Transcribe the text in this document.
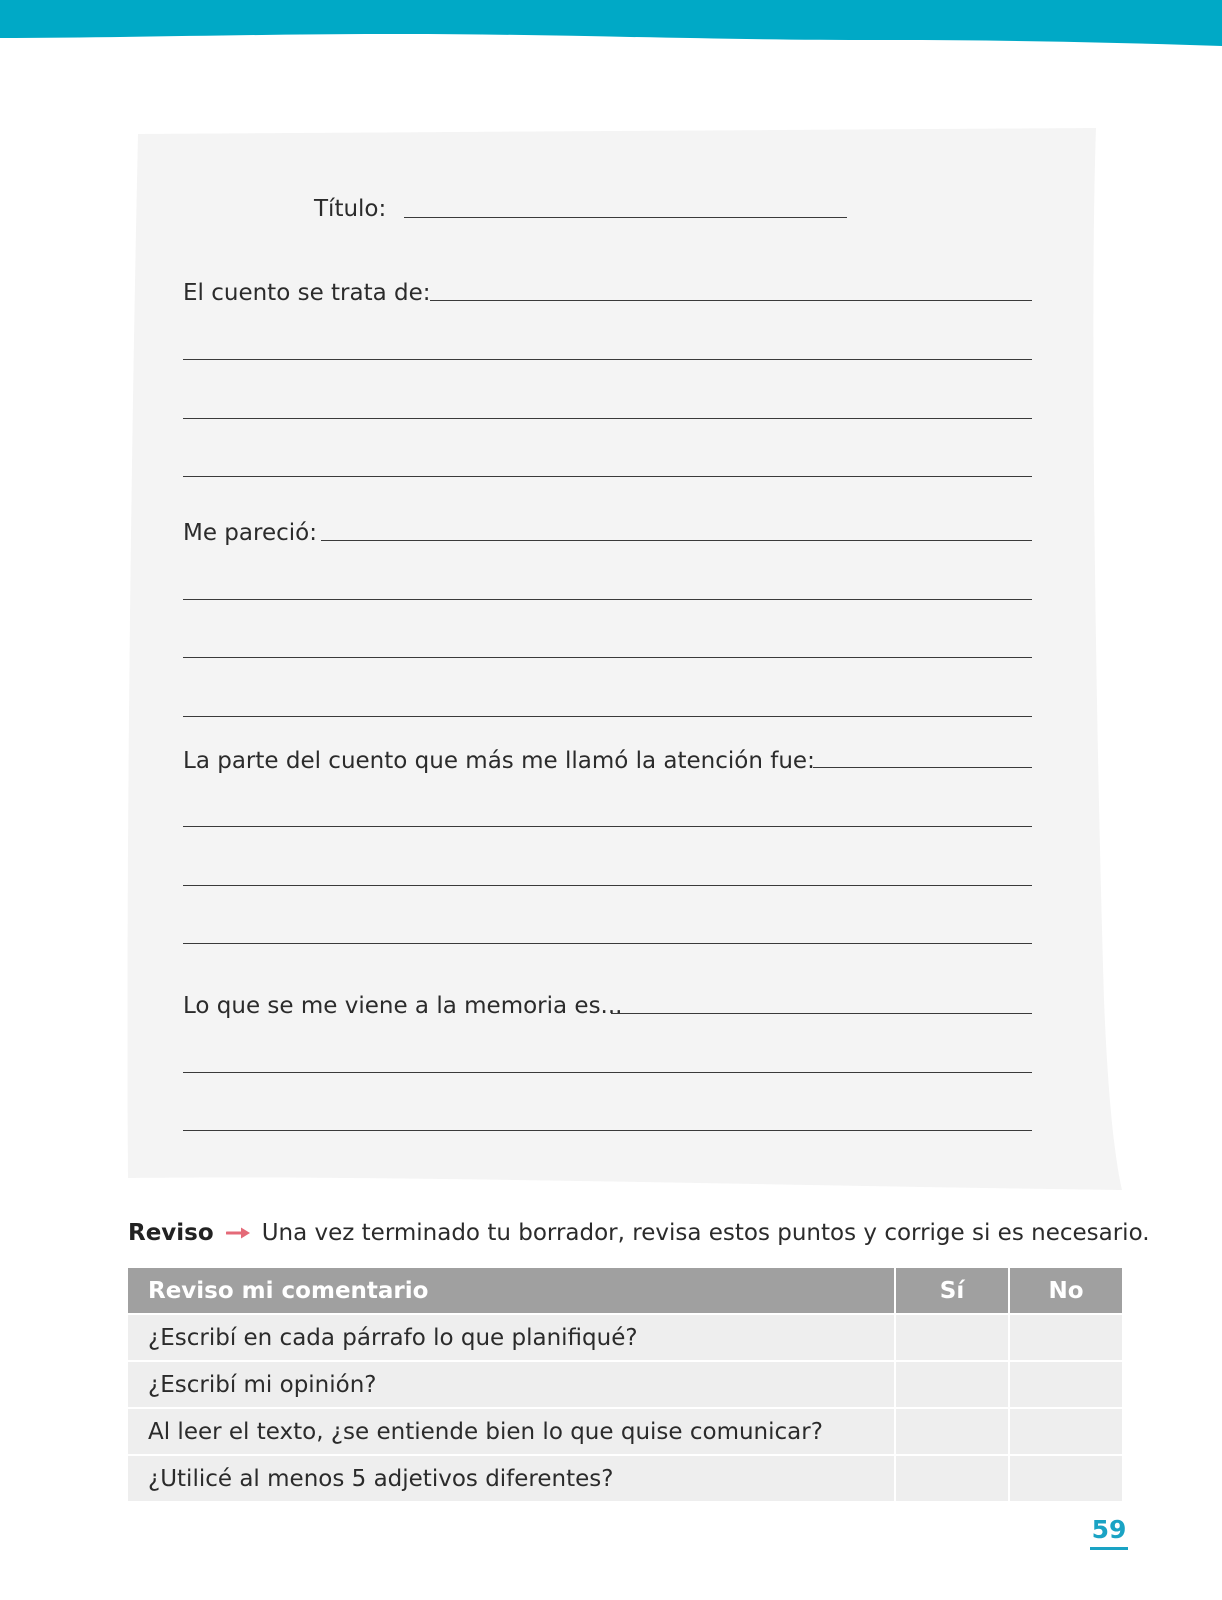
Título:
El cuento se trata de:
Me pareció:
La parte del cuento que más me llamó la atención fue:
Lo que se me viene a la memoria es...
Reviso Una vez terminado tu borrador, revisa estos puntos y corrige si es necesario.
Reviso mi comentario	Sí	No
¿Escribí en cada párrafo lo que planifiqué?		
¿Escribí mi opinión?		
Al leer el texto, ¿se entiende bien lo que quise comunicar?		
¿Utilicé al menos 5 adjetivos diferentes?		
59
